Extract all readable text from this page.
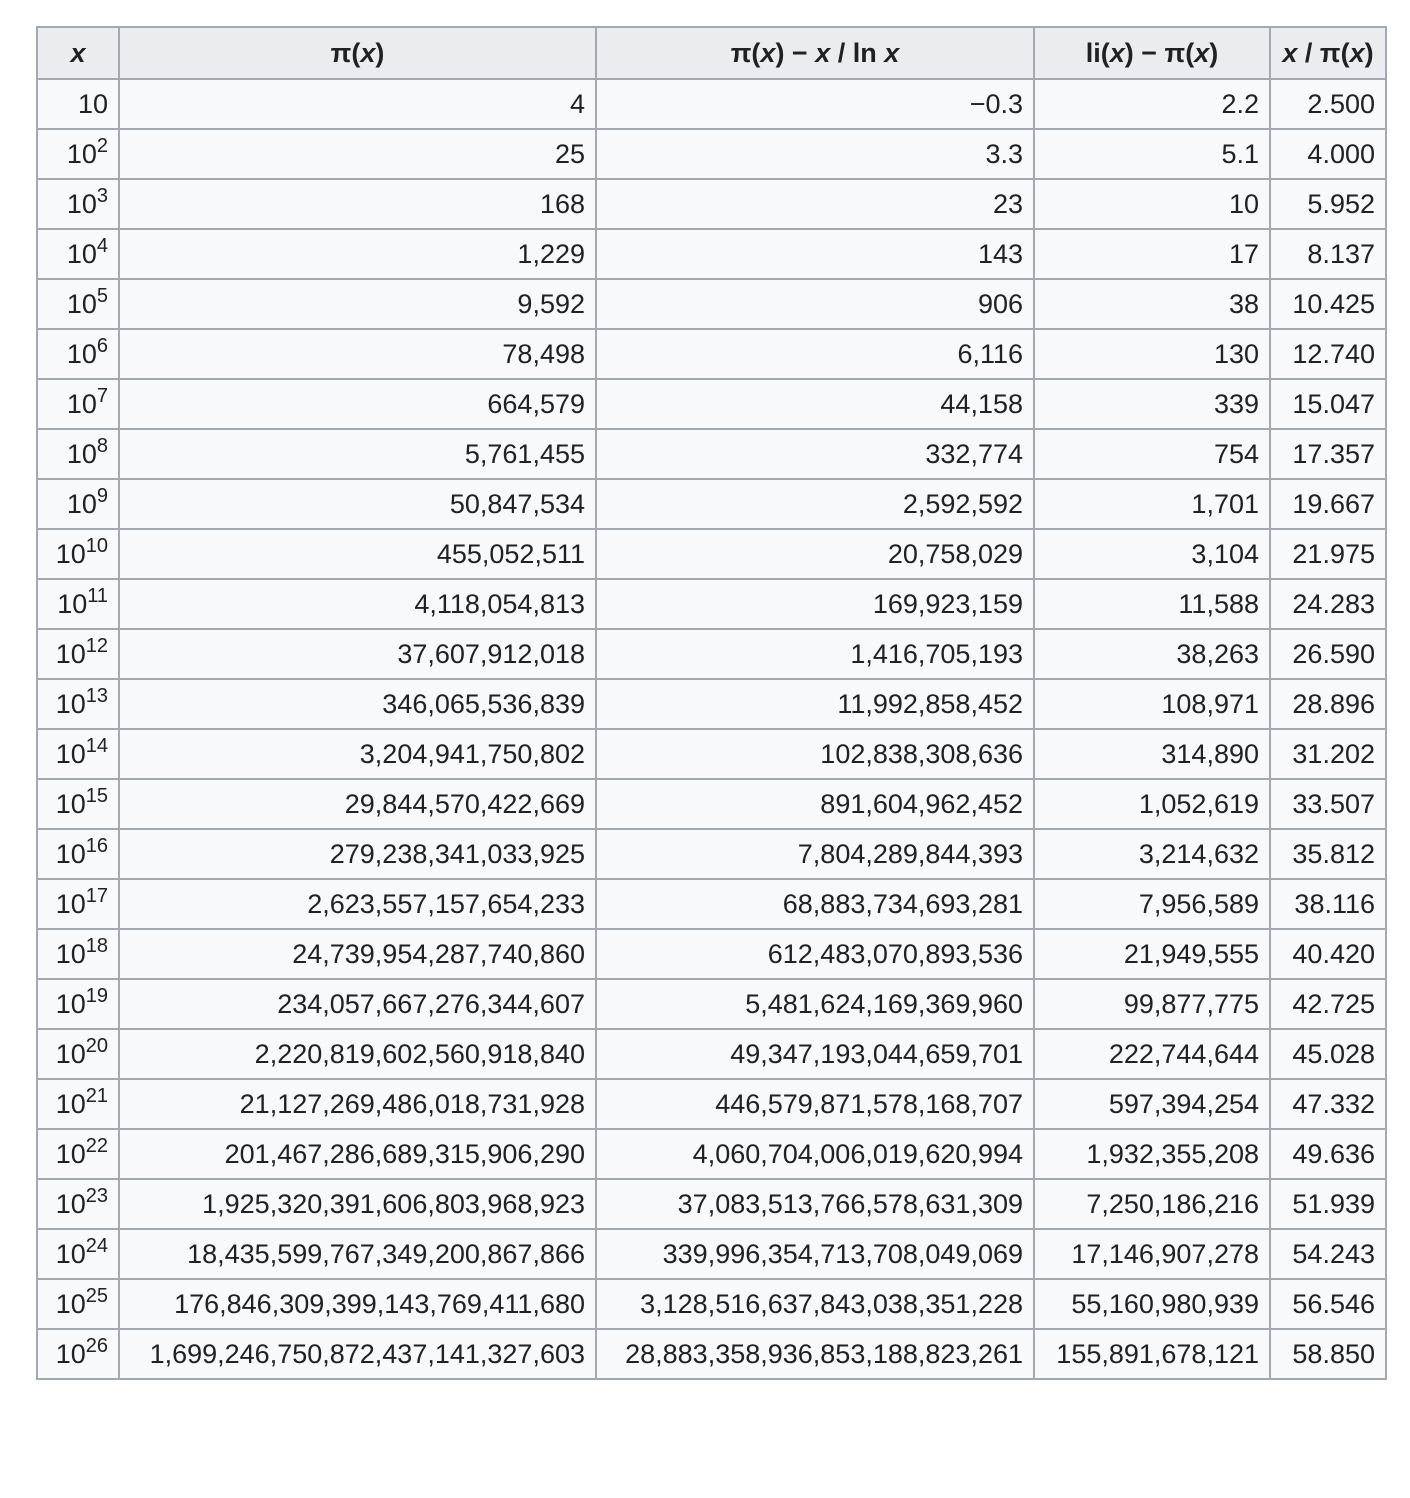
x	π(x)	π(x) − x / ln x	li(x) − π(x)	x / π(x)
10	4	−0.3	2.2	2.500
$10^2$	25	3.3	5.1	4.000
$10^3$	168	23	10	5.952
$10^4$	1,229	143	17	8.137
$10^5$	9,592	906	38	10.425
$10^6$	78,498	6,116	130	12.740
$10^7$	664,579	44,158	339	15.047
$10^8$	5,761,455	332,774	754	17.357
$10^9$	50,847,534	2,592,592	1,701	19.667
$10^{10}$	455,052,511	20,758,029	3,104	21.975
$10^{11}$	4,118,054,813	169,923,159	11,588	24.283
$10^{12}$	37,607,912,018	1,416,705,193	38,263	26.590
$10^{13}$	346,065,536,839	11,992,858,452	108,971	28.896
$10^{14}$	3,204,941,750,802	102,838,308,636	314,890	31.202
$10^{15}$	29,844,570,422,669	891,604,962,452	1,052,619	33.507
$10^{16}$	279,238,341,033,925	7,804,289,844,393	3,214,632	35.812
$10^{17}$	2,623,557,157,654,233	68,883,734,693,281	7,956,589	38.116
$10^{18}$	24,739,954,287,740,860	612,483,070,893,536	21,949,555	40.420
$10^{19}$	234,057,667,276,344,607	5,481,624,169,369,960	99,877,775	42.725
$10^{20}$	2,220,819,602,560,918,840	49,347,193,044,659,701	222,744,644	45.028
$10^{21}$	21,127,269,486,018,731,928	446,579,871,578,168,707	597,394,254	47.332
$10^{22}$	201,467,286,689,315,906,290	4,060,704,006,019,620,994	1,932,355,208	49.636
$10^{23}$	1,925,320,391,606,803,968,923	37,083,513,766,578,631,309	7,250,186,216	51.939
$10^{24}$	18,435,599,767,349,200,867,866	339,996,354,713,708,049,069	17,146,907,278	54.243
$10^{25}$	176,846,309,399,143,769,411,680	3,128,516,637,843,038,351,228	55,160,980,939	56.546
$10^{26}$	1,699,246,750,872,437,141,327,603	28,883,358,936,853,188,823,261	155,891,678,121	58.850
